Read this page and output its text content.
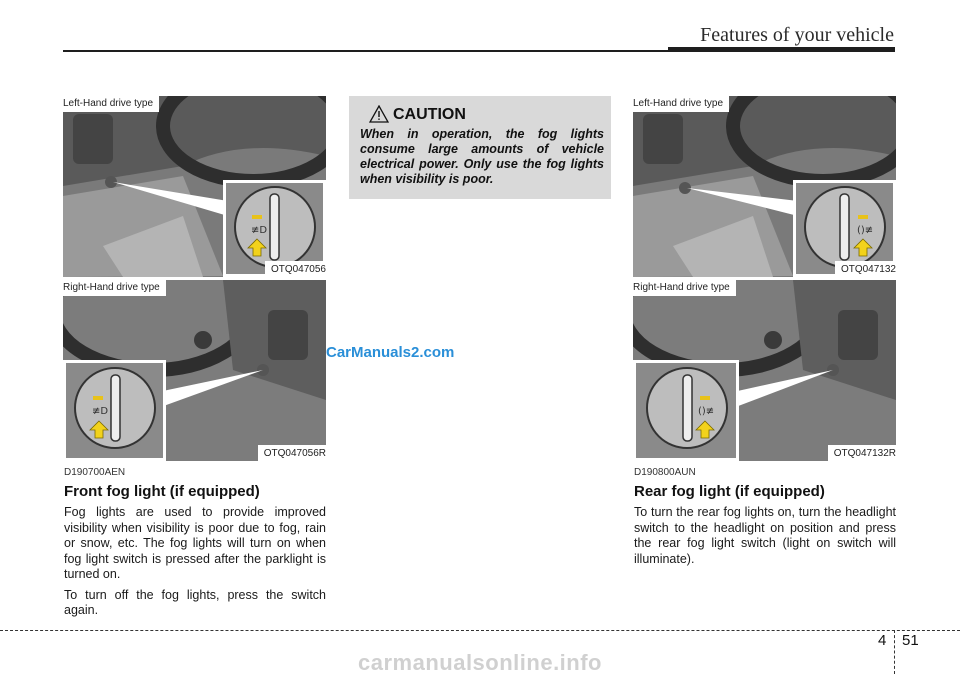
Features of your vehicle
≢D
Left-Hand drive type
OTQ047056
≢D
Right-Hand drive type
OTQ047056R
D190700AEN
Front fog light (if equipped)

Fog lights are used to provide improved visibility when visibility is poor due to fog, rain or snow, etc. The fog lights will turn on when fog light switch is pressed after the parklight is turned on.

To turn off the fog lights, press the switch again.

CAUTION
When in operation, the fog lights consume large amounts of vehicle electrical power. Only use the fog lights when visibility is poor.
CarManuals2.com
()≢
Left-Hand drive type
OTQ047132
()≢
Right-Hand drive type
OTQ047132R
D190800AUN
Rear fog light (if equipped)

To turn the rear fog lights on, turn the headlight switch to the headlight on position and press the rear fog light switch (light on switch will illuminate).

4 51
carmanualsonline.info
